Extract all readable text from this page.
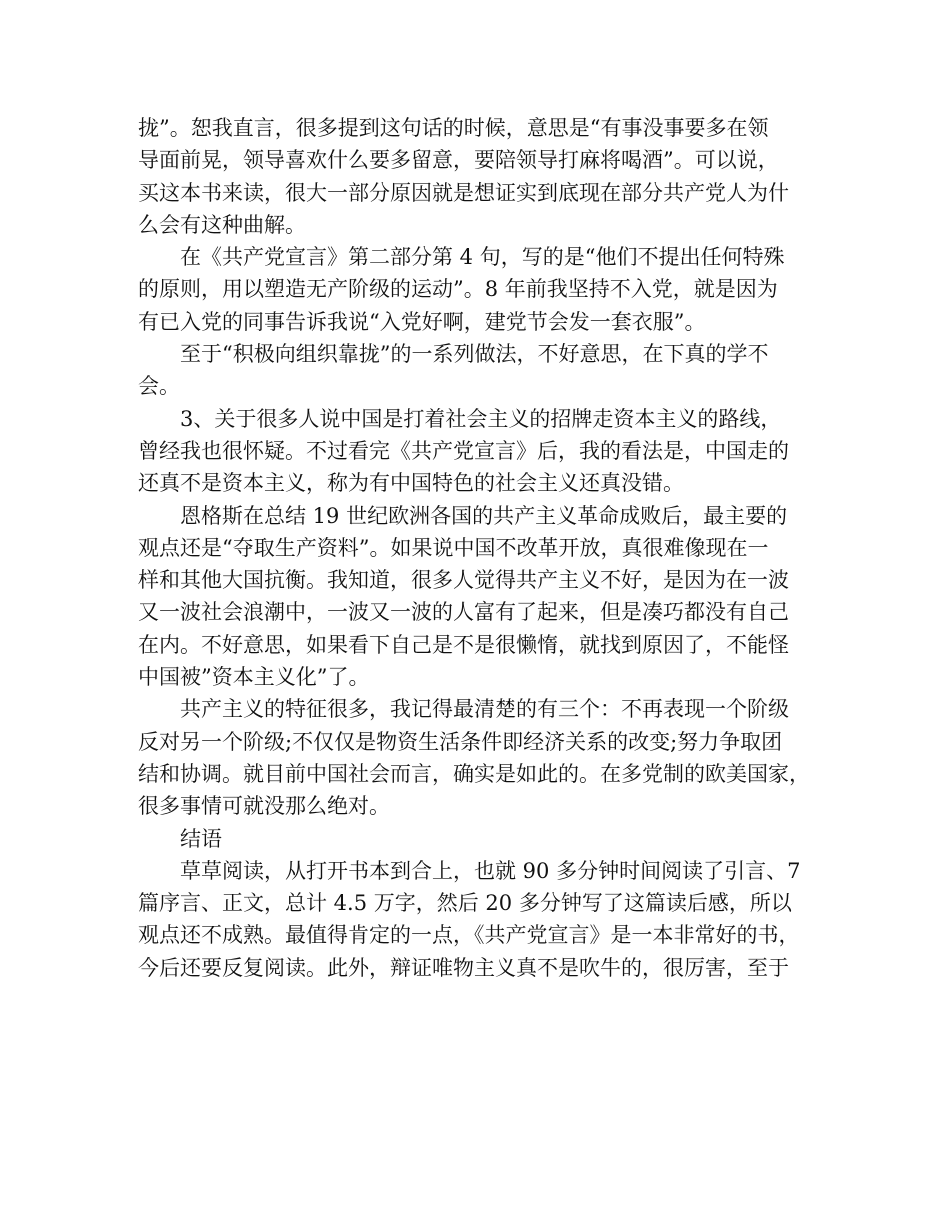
拢”。恕我直言，很多提到这句话的时候，意思是“有事没事要多在领
导面前晃，领导喜欢什么要多留意，要陪领导打麻将喝酒”。可以说，
买这本书来读，很大一部分原因就是想证实到底现在部分共产党人为什
么会有这种曲解。
在《共产党宣言》第二部分第 4 句，写的是“他们不提出任何特殊
的原则，用以塑造无产阶级的运动”。8 年前我坚持不入党，就是因为
有已入党的同事告诉我说“入党好啊，建党节会发一套衣服”。
至于“积极向组织靠拢”的一系列做法，不好意思，在下真的学不
会。
3、关于很多人说中国是打着社会主义的招牌走资本主义的路线，
曾经我也很怀疑。不过看完《共产党宣言》后，我的看法是，中国走的
还真不是资本主义，称为有中国特色的社会主义还真没错。
恩格斯在总结 19 世纪欧洲各国的共产主义革命成败后，最主要的
观点还是“夺取生产资料”。如果说中国不改革开放，真很难像现在一
样和其他大国抗衡。我知道，很多人觉得共产主义不好，是因为在一波
又一波社会浪潮中，一波又一波的人富有了起来，但是凑巧都没有自己
在内。不好意思，如果看下自己是不是很懒惰，就找到原因了，不能怪
中国被”资本主义化”了。
共产主义的特征很多，我记得最清楚的有三个：不再表现一个阶级
反对另一个阶级;不仅仅是物资生活条件即经济关系的改变;努力争取团
结和协调。就目前中国社会而言，确实是如此的。在多党制的欧美国家，
很多事情可就没那么绝对。
结语
草草阅读，从打开书本到合上，也就 90 多分钟时间阅读了引言、7
篇序言、正文，总计 4.5 万字，然后 20 多分钟写了这篇读后感，所以
观点还不成熟。最值得肯定的一点，《共产党宣言》是一本非常好的书，
今后还要反复阅读。此外，辩证唯物主义真不是吹牛的，很厉害，至于
